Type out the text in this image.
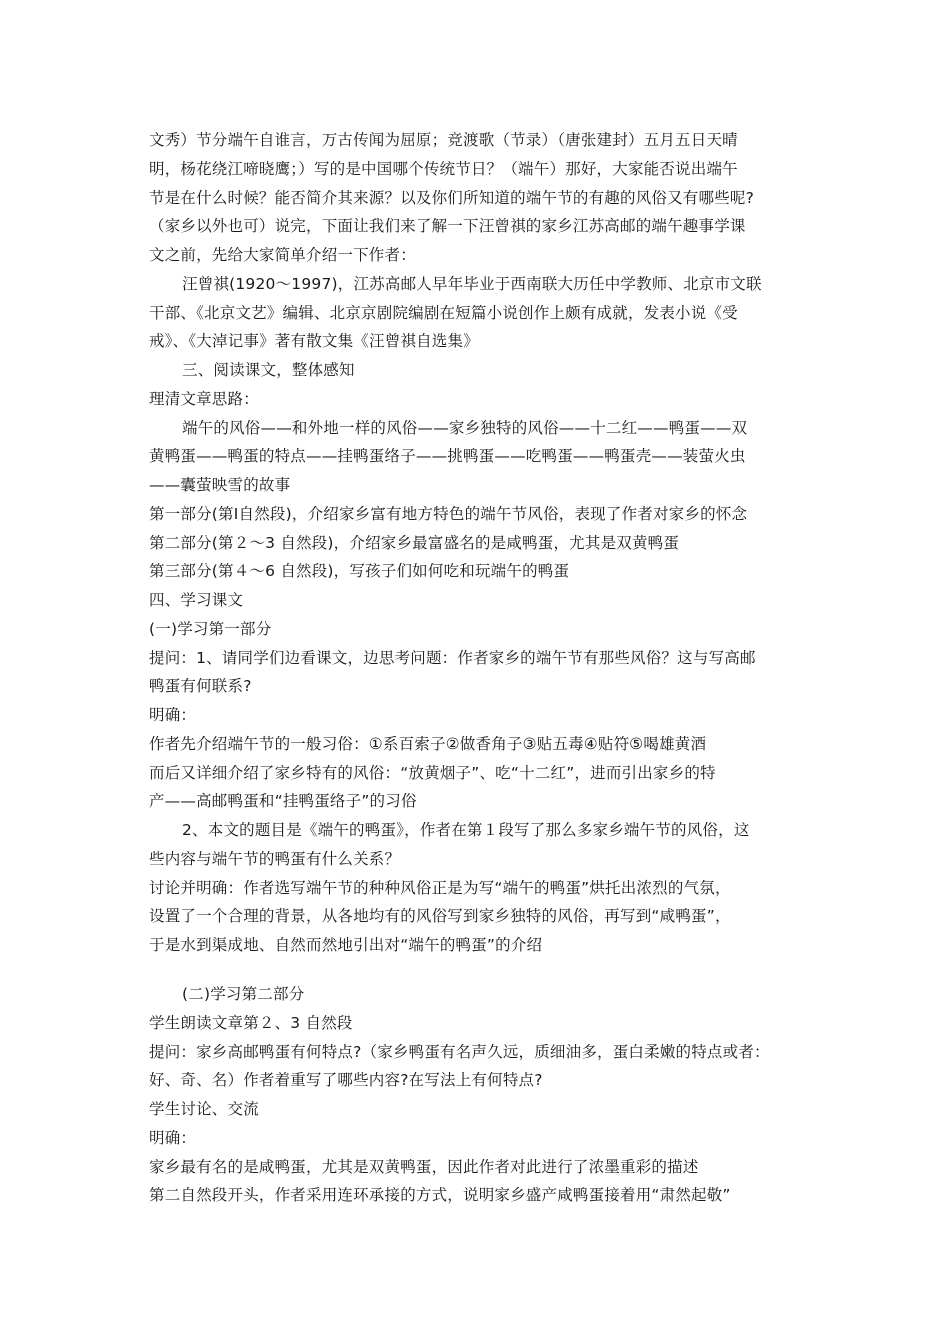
文秀）节分端午自谁言，万古传闻为屈原；竞渡歌（节录）（唐张建封）五月五日天晴
明，杨花绕江啼晓鹰；）写的是中国哪个传统节日？（端午）那好，大家能否说出端午
节是在什么时候？能否简介其来源？以及你们所知道的端午节的有趣的风俗又有哪些呢?
（家乡以外也可）说完，下面让我们来了解一下汪曾祺的家乡江苏高邮的端午趣事学课
文之前，先给大家简单介绍一下作者：
汪曾祺(1920～1997)，江苏高邮人早年毕业于西南联大历任中学教师、北京市文联
干部、《北京文艺》编辑、北京京剧院编剧在短篇小说创作上颇有成就，发表小说《受
戒》、《大淖记事》著有散文集《汪曾祺自选集》
三、阅读课文，整体感知
理清文章思路：
端午的风俗——和外地一样的风俗——家乡独特的风俗——十二红——鸭蛋——双
黄鸭蛋——鸭蛋的特点——挂鸭蛋络子——挑鸭蛋——吃鸭蛋——鸭蛋壳——装萤火虫
——囊萤映雪的故事
第一部分(第Ⅰ自然段)，介绍家乡富有地方特色的端午节风俗，表现了作者对家乡的怀念
第二部分(第２～3 自然段)，介绍家乡最富盛名的是咸鸭蛋，尤其是双黄鸭蛋
第三部分(第４～6 自然段)，写孩子们如何吃和玩端午的鸭蛋
四、学习课文
(一)学习第一部分
提问：1、请同学们边看课文，边思考问题：作者家乡的端午节有那些风俗？这与写高邮
鸭蛋有何联系?
明确：
作者先介绍端午节的一般习俗：①系百索子②做香角子③贴五毒④贴符⑤喝雄黄酒
而后又详细介绍了家乡特有的风俗：“放黄烟子”、吃“十二红”，进而引出家乡的特
产——高邮鸭蛋和“挂鸭蛋络子”的习俗
2、本文的题目是《端午的鸭蛋》，作者在第１段写了那么多家乡端午节的风俗，这
些内容与端午节的鸭蛋有什么关系？
讨论并明确：作者选写端午节的种种风俗正是为写“端午的鸭蛋”烘托出浓烈的气氛，
设置了一个合理的背景，从各地均有的风俗写到家乡独特的风俗，再写到“咸鸭蛋”，
于是水到渠成地、自然而然地引出对“端午的鸭蛋”的介绍
(二)学习第二部分
学生朗读文章第２、3 自然段
提问：家乡高邮鸭蛋有何特点?（家乡鸭蛋有名声久远，质细油多，蛋白柔嫩的特点或者：
好、奇、名）作者着重写了哪些内容?在写法上有何特点?
学生讨论、交流
明确：
家乡最有名的是咸鸭蛋，尤其是双黄鸭蛋，因此作者对此进行了浓墨重彩的描述
第二自然段开头，作者采用连环承接的方式，说明家乡盛产咸鸭蛋接着用“肃然起敬”
